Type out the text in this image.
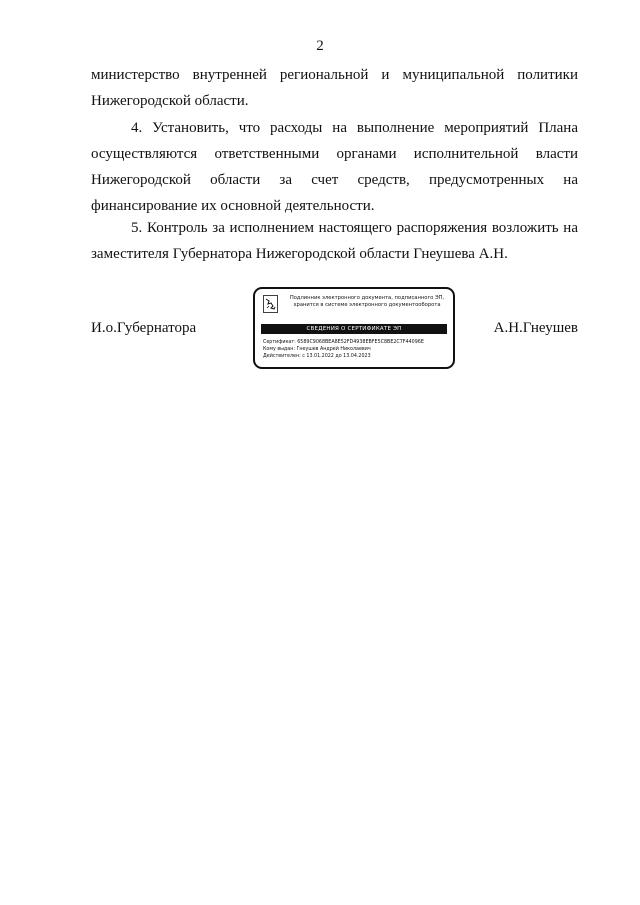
2

министерство внутренней региональной и муниципальной политики Нижегородской области.

4. Установить, что расходы на выполнение мероприятий Плана осуществляются ответственными органами исполнительной власти Нижегородской области за счет средств, предусмотренных на финансирование их основной деятельности.

5. Контроль за исполнением настоящего распоряжения возложить на заместителя Губернатора Нижегородской области Гнеушева А.Н.

И.о.Губернатора
Подлинник электронного документа, подписанного ЭП,
хранится в системе электронного документооборота
СВЕДЕНИЯ О СЕРТИФИКАТЕ ЭП
Сертификат: 6589C9068BEA8E52FD4938EBFE5C8BE2C7F44096E
Кому выдан: Гнеушев Андрей Николаевич
Действителен: с 13.01.2022 до 13.04.2023
А.Н.Гнеушев
